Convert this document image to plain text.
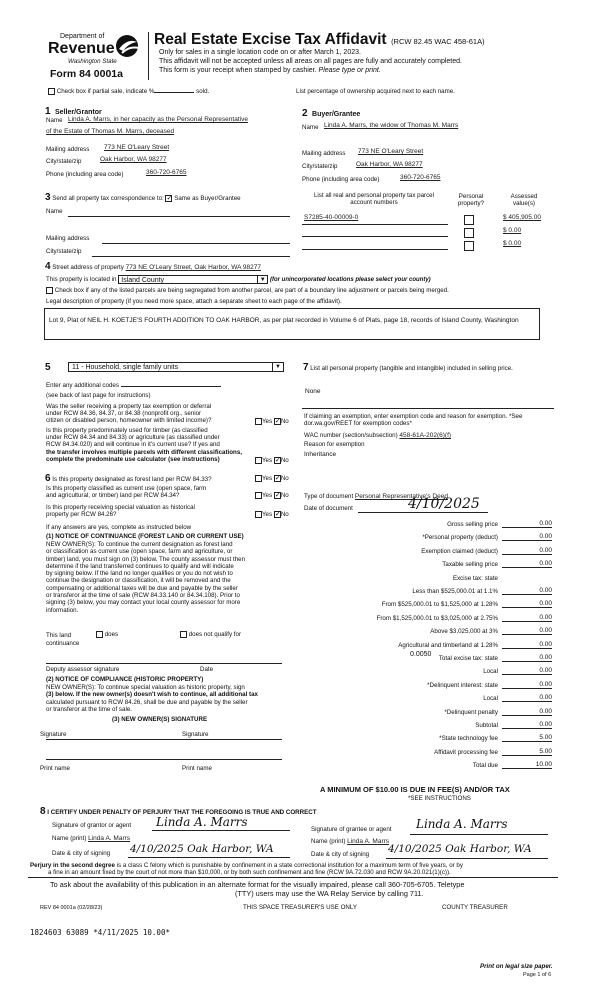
Department of
Revenue
Washington State
Form 84 0001a
Real Estate Excise Tax Affidavit (RCW 82.45 WAC 458-61A)
Only for sales in a single location code on or after March 1, 2023.
This affidavit will not be accepted unless all areas on all pages are fully and accurately completed.
This form is your receipt when stamped by cashier. Please type or print.
Check box if partial sale, indicate %	sold.	List percentage of ownership acquired next to each name.
1 Seller/Grantor
Name Linda A. Marrs, in her capacity as the Personal Representative
of the Estate of Thomas M. Marrs, deceased
Mailing address 773 NE O'Leary Street
City/state/zip	Oak Harbor, WA 98277
Phone (including area code)	360-720-6765
2 Buyer/Grantee
Name Linda A. Marrs, the widow of Thomas M. Marrs
Mailing address 773 NE O'Leary Street
City/state/zip	Oak Harbor, WA 98277
Phone (including area code)	360-720-6765
3 Send all property tax correspondence to: ✓ Same as Buyer/Grantee
Name
Mailing address
City/state/zip
List all real and personal property tax parcel account numbers
Personal property?
Assessed value(s)
S7285-40-00009-0	$ 405,905.00
$ 0.00
$ 0.00
4 Street address of property 773 NE O'Leary Street, Oak Harbor, WA 98277
This property is located in Island County	▼ (for unincorporated locations please select your county)
Check box if any of the listed parcels are being segregated from another parcel, are part of a boundary line adjustment or parcels being merged.
Legal description of property (if you need more space, attach a separate sheet to each page of the affidavit).
Lot 9, Plat of NEIL H. KOETJE'S FOURTH ADDITION TO OAK HARBOR, as per plat recorded in Volume 6 of Plats, page 18, records of Island County, Washington
5	11 - Household, single family units	▼
Enter any additional codes
(see back of last page for instructions)
Was the seller receiving a property tax exemption or deferral
under RCW 84.36, 84.37, or 84.38 (nonprofit org., senior
citizen or disabled person, homeowner with limited income)?	Yes ✓No
Is this property predominately used for timber (as classified
under RCW 84.34 and 84.33) or agriculture (as classified under
RCW 84.34.020) and will continue in it's current use? If yes and
the transfer involves multiple parcels with different classifications,
complete the predominate use calculator (see instructions)	Yes ✓No
6 Is this property designated as forest land per RCW 84.33?	Yes ✓No
Is this property classified as current use (open space, farm
and agricultural, or timber) land per RCW 84.34?	Yes ✓No
Is this property receiving special valuation as historical
property per RCW 84.26?	Yes ✓No
If any answers are yes, complete as instructed below
(1) NOTICE OF CONTINUANCE (FOREST LAND OR CURRENT USE)
NEW OWNER(S): To continue the current designation as forest land
or classification as current use (open space, farm and agriculture, or
timber) land, you must sign on (3) below. The county assessor must then
determine if the land transferred continues to qualify and will indicate
by signing below. If the land no longer qualifies or you do not wish to
continue the designation or classification, it will be removed and the
compensating or additional taxes will be due and payable by the seller
or transferor at the time of sale (RCW 84.33.140 or 84.34.108). Prior to
signing (3) below, you may contact your local county assessor for more
information.
This land
continuance
does	does not qualify for
Deputy assessor signature	Date
(2) NOTICE OF COMPLIANCE (HISTORIC PROPERTY)
NEW OWNER(S): To continue special valuation as historic property, sign
(3) below. If the new owner(s) doesn't wish to continue, all additional tax
calculated pursuant to RCW 84.26, shall be due and payable by the seller
or transferor at the time of sale.
(3) NEW OWNER(S) SIGNATURE
Signature	Signature
Print name	Print name
7 List all personal property (tangible and intangible) included in selling price.
None
If claiming an exemption, enter exemption code and reason for exemption. *See dor.wa.gov/REET for exemption codes*
WAC number (section/subsection) 458-61A-202(6)(f)
Reason for exemption
Inheritance
Type of document Personal Representative's Deed
Date of document	4/10/2025
Gross selling price	0.00
*Personal property (deduct)	0.00
Exemption claimed (deduct)	0.00
Taxable selling price	0.00
Excise tax: state
Less than $525,000.01 at 1.1%	0.00
From $525,000.01 to $1,525,000 at 1.28%	0.00
From $1,525,000.01 to $3,025,000 at 2.75%	0.00
Above $3,025,000 at 3%	0.00
Agricultural and timberland at 1.28%	0.00
Total excise tax: state	0.00
Local	0.00
*Delinquent interest: state	0.00
Local	0.00
*Delinquent penalty	0.00
Subtotal	0.00
*State technology fee	5.00
Affidavit processing fee	5.00
Total due	10.00
0.0050
A MINIMUM OF $10.00 IS DUE IN FEE(S) AND/OR TAX
*SEE INSTRUCTIONS
8 I CERTIFY UNDER PENALTY OF PERJURY THAT THE FOREGOING IS TRUE AND CORRECT
Signature of grantor or agent Linda A. Marrs
Name (print) Linda A. Marrs
Date & city of signing 4/10/2025 Oak Harbor, WA
Signature of grantee or agent Linda A. Marrs
Name (print) Linda A. Marrs
Date & city of signing 4/10/2025 Oak Harbor, WA
Perjury in the second degree is a class C felony which is punishable by confinement in a state correctional institution for a maximum term of five years, or by
a fine in an amount fixed by the court of not more than $10,000, or by both such confinement and fine (RCW 9A.72.030 and RCW 9A.20.021(1)(c)).
To ask about the availability of this publication in an alternate format for the visually impaired, please call 360-705-6705. Teletype
(TTY) users may use the WA Relay Service by calling 711.
REV 84 0001a (02/28/23)	THIS SPACE TREASURER'S USE ONLY	COUNTY TREASURER
1824603 63089 *4/11/2025 10.00*
Print on legal size paper.
Page 1 of 6
